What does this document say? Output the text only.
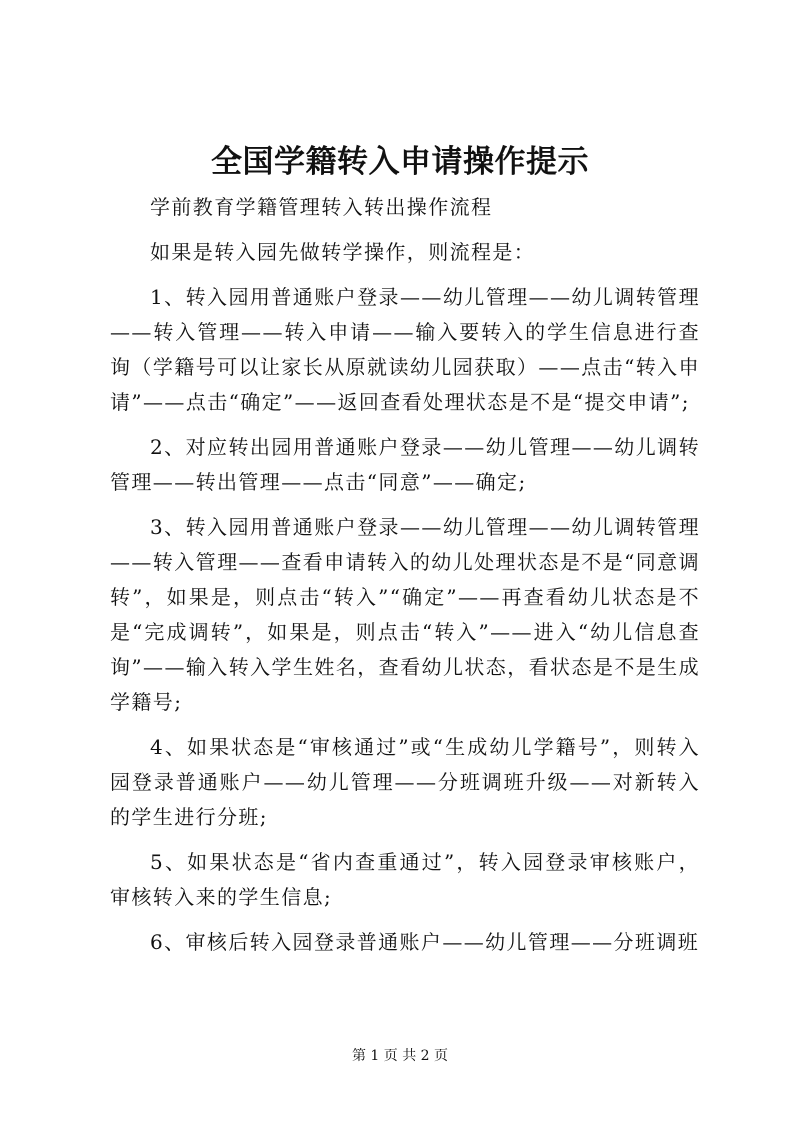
全国学籍转入申请操作提示

学前教育学籍管理转入转出操作流程

如果是转入园先做转学操作，则流程是：

1、转入园用普通账户登录——幼儿管理——幼儿调转管理——转入管理——转入申请——输入要转入的学生信息进行查询（学籍号可以让家长从原就读幼儿园获取）——点击“转入申请”——点击“确定”——返回查看处理状态是不是“提交申请”;

2、对应转出园用普通账户登录——幼儿管理——幼儿调转管理——转出管理——点击“同意”——确定;

3、转入园用普通账户登录——幼儿管理——幼儿调转管理——转入管理——查看申请转入的幼儿处理状态是不是“同意调转”，如果是，则点击“转入”“确定”——再查看幼儿状态是不是“完成调转”，如果是，则点击“转入”——进入“幼儿信息查询”——输入转入学生姓名，查看幼儿状态，看状态是不是生成学籍号;

4、如果状态是“审核通过”或“生成幼儿学籍号”，则转入园登录普通账户——幼儿管理——分班调班升级——对新转入的学生进行分班;

5、如果状态是“省内查重通过”，转入园登录审核账户，审核转入来的学生信息;

6、审核后转入园登录普通账户——幼儿管理——分班调班

第 1 页 共 2 页
